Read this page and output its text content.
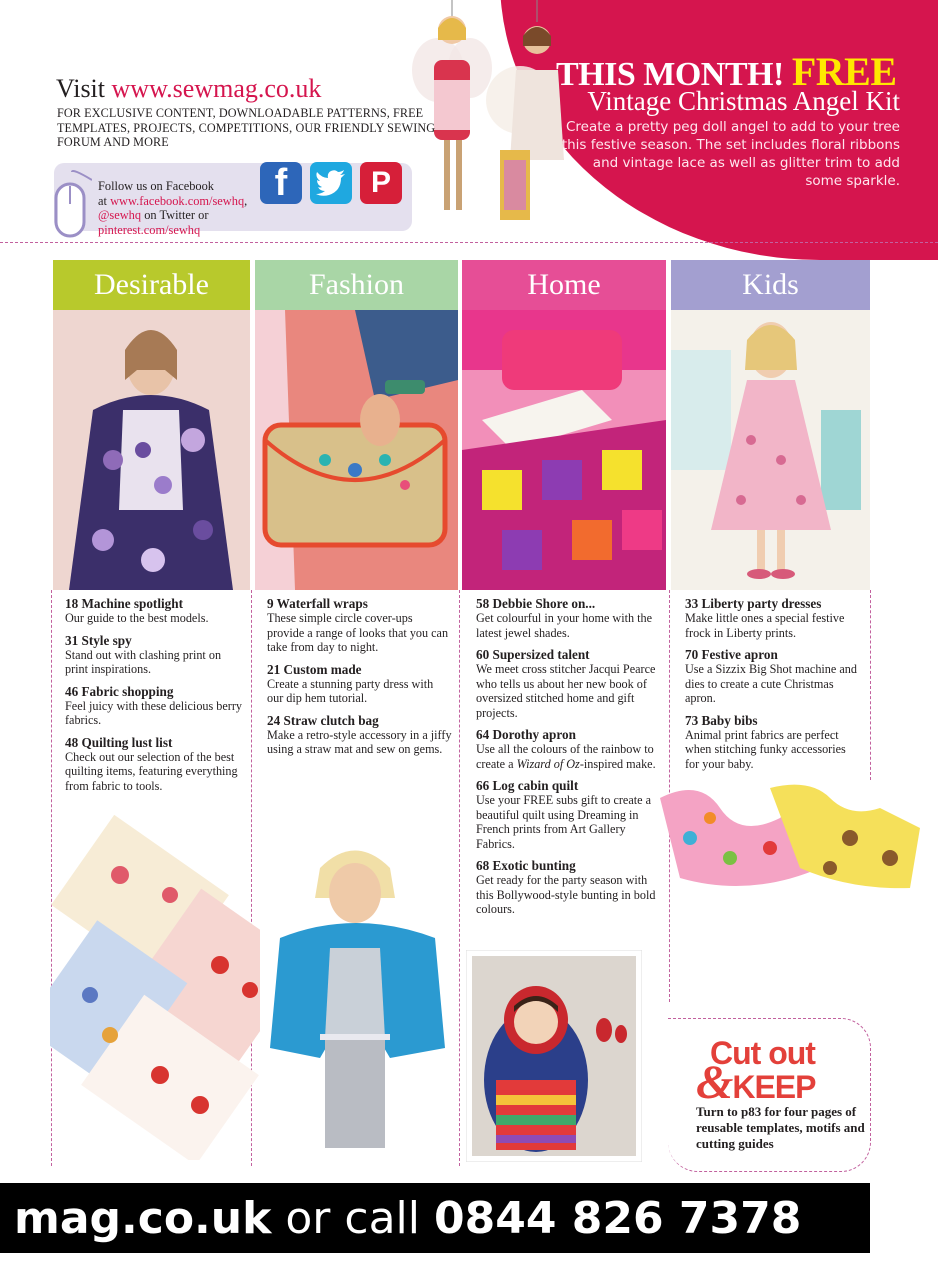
THIS MONTH! FREE
Vintage Christmas Angel Kit
Create a pretty peg doll angel to add to your tree this festive season. The set includes floral ribbons and vintage lace as well as glitter trim to add some sparkle.
Visit www.sewmag.co.uk
FOR EXCLUSIVE CONTENT, DOWNLOADABLE PATTERNS, FREE TEMPLATES, PROJECTS, COMPETITIONS, OUR FRIENDLY SEWING FORUM AND MORE
Follow us on Facebook
at www.facebook.com/sewhq,
@sewhq on Twitter or pinterest.com/sewhq
f	P
Desirable	Fashion	Home	Kids
18 Machine spotlight
Our guide to the best models.
31 Style spy
Stand out with clashing print on print inspirations.
46 Fabric shopping
Feel juicy with these delicious berry fabrics.
48 Quilting lust list
Check out our selection of the best quilting items, featuring everything from fabric to tools.
9 Waterfall wraps
These simple circle cover-ups provide a range of looks that you can take from day to night.
21 Custom made
Create a stunning party dress with our dip hem tutorial.
24 Straw clutch bag
Make a retro-style accessory in a jiffy using a straw mat and sew on gems.
58 Debbie Shore on...
Get colourful in your home with the latest jewel shades.
60 Supersized talent
We meet cross stitcher Jacqui Pearce who tells us about her new book of oversized stitched home and gift projects.
64 Dorothy apron
Use all the colours of the rainbow to create a Wizard of Oz-inspired make.
66 Log cabin quilt
Use your FREE subs gift to create a beautiful quilt using Dreaming in French prints from Art Gallery Fabrics.
68 Exotic bunting
Get ready for the party season with this Bollywood-style bunting in bold colours.
33 Liberty party dresses
Make little ones a special festive frock in Liberty prints.
70 Festive apron
Use a Sizzix Big Shot machine and dies to create a cute Christmas apron.
73 Baby bibs
Animal print fabrics are perfect when stitching funky accessories for your baby.
Cut out
&KEEP
Turn to p83 for four pages of reusable templates, motifs and cutting guides
mag.co.uk
or call
0844 826 7378
